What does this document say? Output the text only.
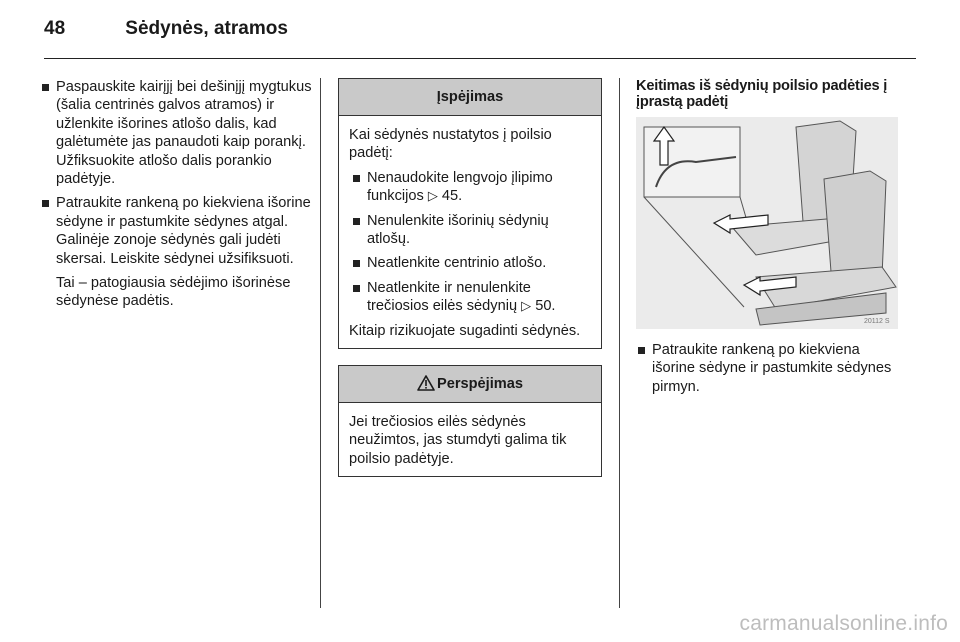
48	Sėdynės, atramos
Paspauskite kairįjį bei dešinįjį mygtukus (šalia centrinės galvos atramos) ir užlenkite išorines atlošo dalis, kad galėtumėte jas panaudoti kaip porankį. Užfiksuokite atlošo dalis porankio padėtyje.
Patraukite rankeną po kiekviena išorine sėdyne ir pastumkite sėdynes atgal. Galinėje zonoje sėdynės gali judėti skersai. Leiskite sėdynei užsifiksuoti.

Tai – patogiausia sėdėjimo išorinėse sėdynėse padėtis.

Įspėjimas

Kai sėdynės nustatytos į poilsio padėtį:

Nenaudokite lengvojo įlipimo funkcijos ▷ 45.
Nenulenkite išorinių sėdynių atlošų.
Neatlenkite centrinio atlošo.
Neatlenkite ir nenulenkite trečiosios eilės sėdynių ▷ 50.

Kitaip rizikuojate sugadinti sėdynės.

Perspėjimas

Jei trečiosios eilės sėdynės neužimtos, jas stumdyti galima tik poilsio padėtyje.

Keitimas iš sėdynių poilsio padėties į įprastą padėtį
20112 S
Patraukite rankeną po kiekviena išorine sėdyne ir pastumkite sėdynes pirmyn.
carmanualsonline.info
